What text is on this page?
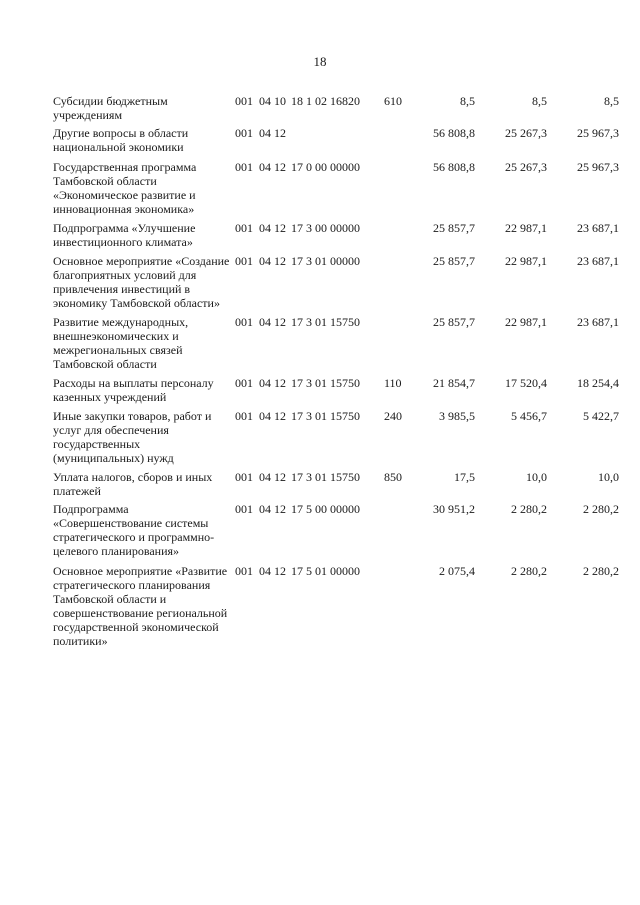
18
Субсидии бюджетным учреждениям
001 04 10 18 1 02 16820	610	8,5	8,5	8,5
Другие вопросы в области национальной экономики
001 04 12	56 808,8	25 267,3	25 967,3
Государственная программа Тамбовской области «Экономическое развитие и инновационная экономика»
001 04 12 17 0 00 00000	56 808,8	25 267,3	25 967,3
Подпрограмма «Улучшение инвестиционного климата»
001 04 12 17 3 00 00000	25 857,7	22 987,1	23 687,1
Основное мероприятие «Создание благоприятных условий для привлечения инвестиций в экономику Тамбовской области»
001 04 12 17 3 01 00000	25 857,7	22 987,1	23 687,1
Развитие международных, внешнеэкономических и межрегиональных связей Тамбовской области
001 04 12 17 3 01 15750	25 857,7	22 987,1	23 687,1
Расходы на выплаты персоналу казенных учреждений
001 04 12 17 3 01 15750	110	21 854,7	17 520,4	18 254,4
Иные закупки товаров, работ и услуг для обеспечения государственных (муниципальных) нужд
001 04 12 17 3 01 15750	240	3 985,5	5 456,7	5 422,7
Уплата налогов, сборов и иных платежей
001 04 12 17 3 01 15750	850	17,5	10,0	10,0
Подпрограмма «Совершенствование системы стратегического и программно-целевого планирования»
001 04 12 17 5 00 00000	30 951,2	2 280,2	2 280,2
Основное мероприятие «Развитие стратегического планирования Тамбовской области и совершенствование региональной государственной экономической политики»
001 04 12 17 5 01 00000	2 075,4	2 280,2	2 280,2
